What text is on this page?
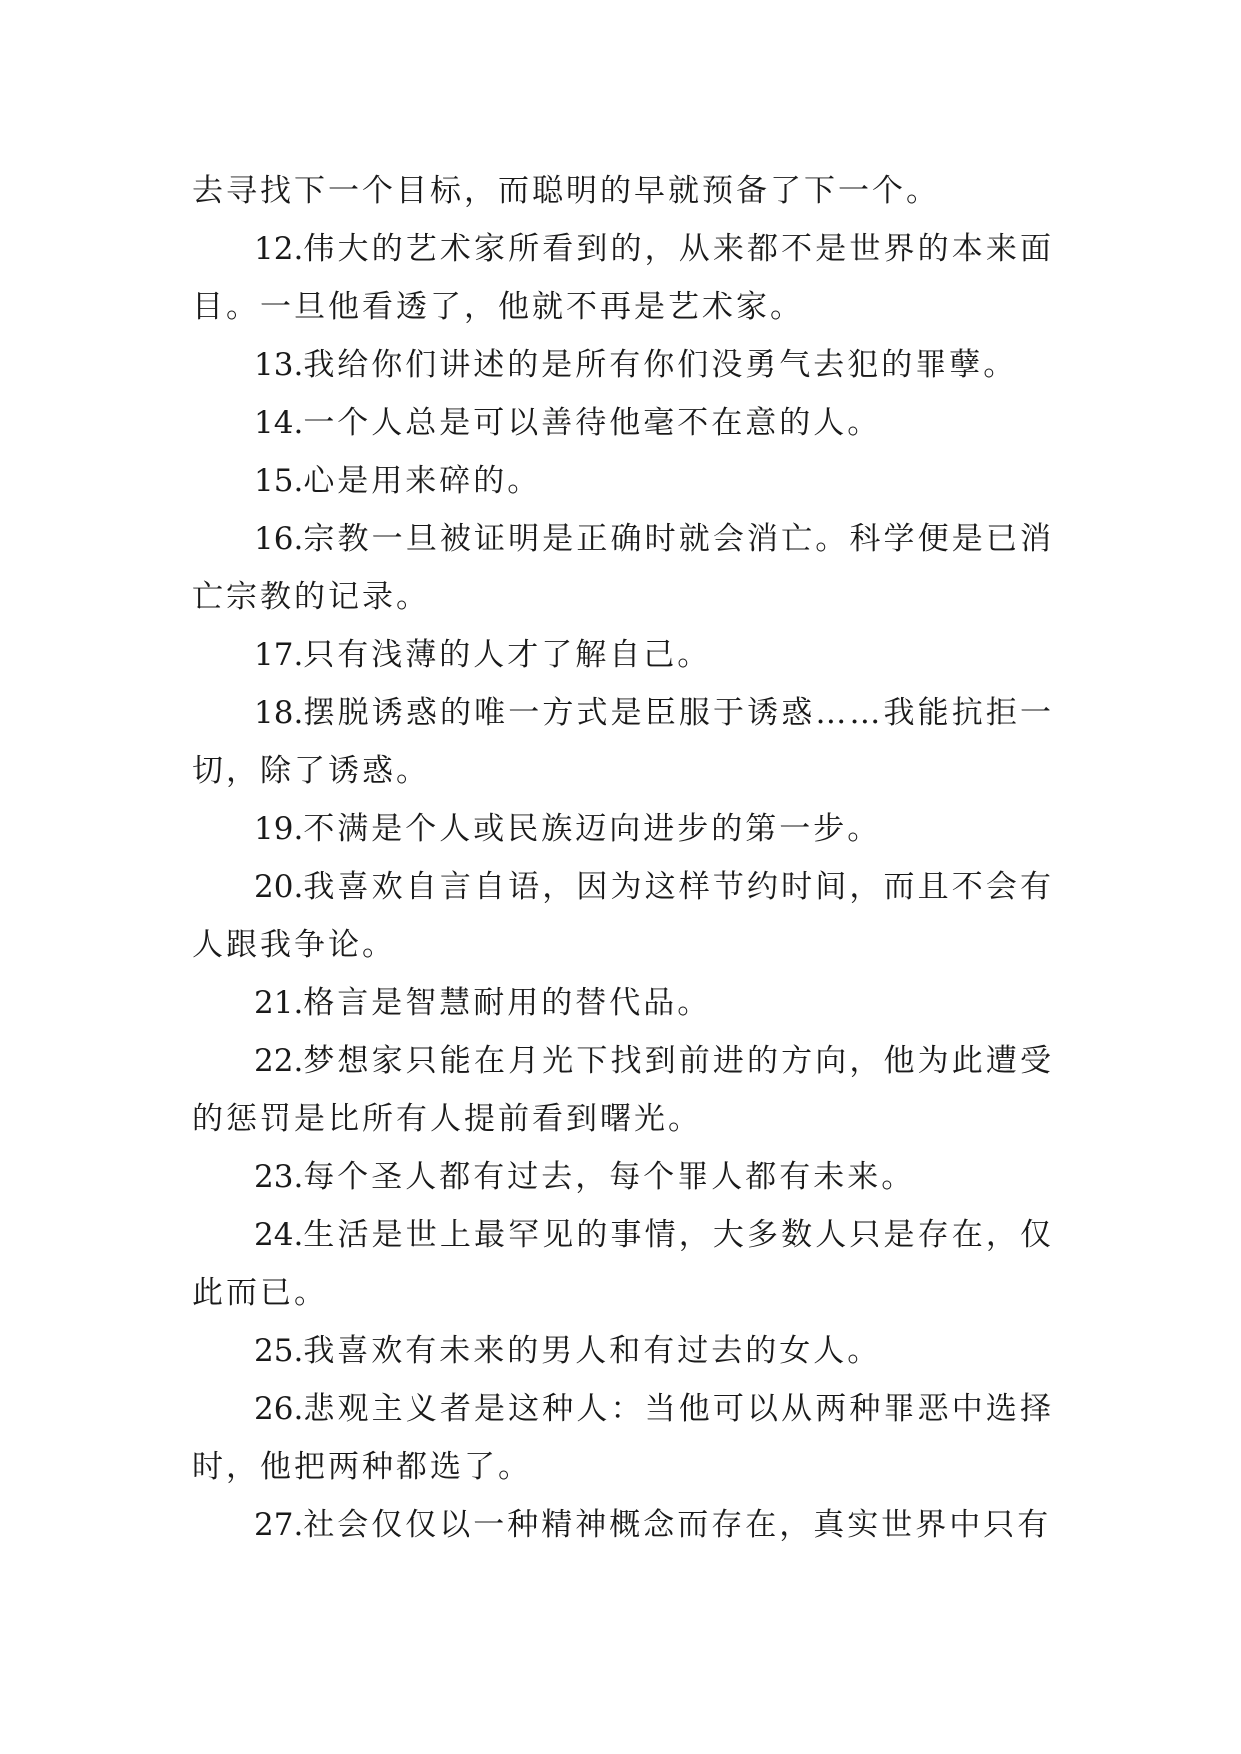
去寻找下一个目标，而聪明的早就预备了下一个。

12.伟大的艺术家所看到的，从来都不是世界的本来面目。一旦他看透了，他就不再是艺术家。

13.我给你们讲述的是所有你们没勇气去犯的罪孽。

14.一个人总是可以善待他毫不在意的人。

15.心是用来碎的。

16.宗教一旦被证明是正确时就会消亡。科学便是已消亡宗教的记录。

17.只有浅薄的人才了解自己。

18.摆脱诱惑的唯一方式是臣服于诱惑……我能抗拒一切，除了诱惑。

19.不满是个人或民族迈向进步的第一步。

20.我喜欢自言自语，因为这样节约时间，而且不会有人跟我争论。

21.格言是智慧耐用的替代品。

22.梦想家只能在月光下找到前进的方向，他为此遭受的惩罚是比所有人提前看到曙光。

23.每个圣人都有过去，每个罪人都有未来。

24.生活是世上最罕见的事情，大多数人只是存在，仅此而已。

25.我喜欢有未来的男人和有过去的女人。

26.悲观主义者是这种人：当他可以从两种罪恶中选择时，他把两种都选了。

27.社会仅仅以一种精神概念而存在，真实世界中只有
